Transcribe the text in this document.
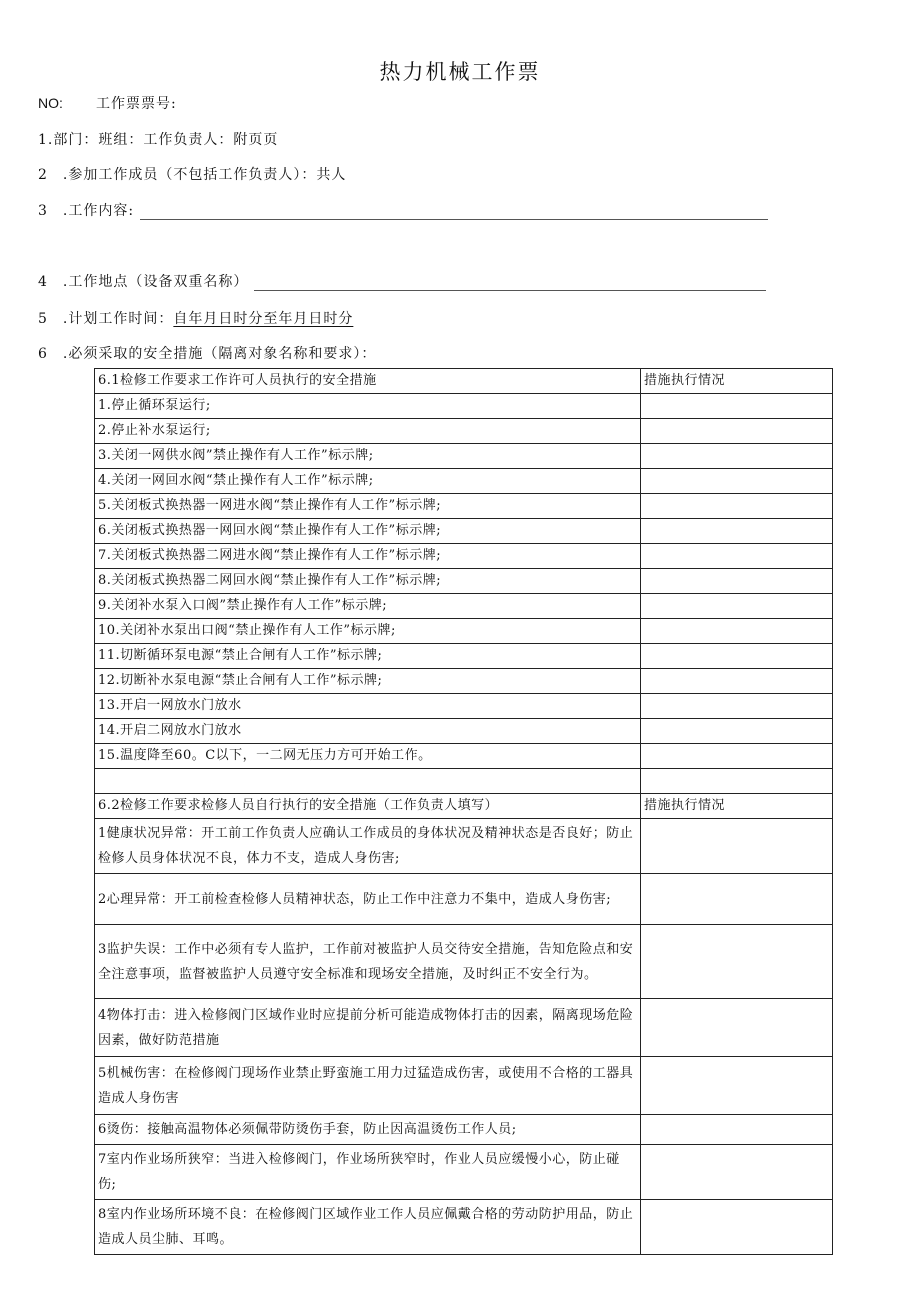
热力机械工作票
NO: 工作票票号:
1.部门：班组：工作负责人：附页页
2　.参加工作成员（不包括工作负责人）：共人
3　.工作内容:
4　.工作地点（设备双重名称）
5　.计划工作时间：自年月日时分至年月日时分
6　.必须采取的安全措施（隔离对象名称和要求）：
6.1检修工作要求工作许可人员执行的安全措施	措施执行情况
1.停止循环泵运行;	
2.停止补水泵运行;	
3.关闭一网供水阀”禁止操作有人工作”标示牌;	
4.关闭一网回水阀“禁止操作有人工作”标示牌;	
5.关闭板式换热器一网进水阀“禁止操作有人工作”标示牌;	
6.关闭板式换热器一网回水阀“禁止操作有人工作”标示牌;	
7.关闭板式换热器二网进水阀“禁止操作有人工作”标示牌;	
8.关闭板式换热器二网回水阀“禁止操作有人工作”标示牌;	
9.关闭补水泵入口阀”禁止操作有人工作”标示牌;	
10.关闭补水泵出口阀“禁止操作有人工作”标示牌;	
11.切断循环泵电源“禁止合闸有人工作”标示牌;	
12.切断补水泵电源“禁止合闸有人工作”标示牌;	
13.开启一网放水门放水	
14.开启二网放水门放水	
15.温度降至60。C以下，一二网无压力方可开始工作。	

6.2检修工作要求检修人员自行执行的安全措施（工作负责人填写）	措施执行情况
1健康状况异常：开工前工作负责人应确认工作成员的身体状况及精神状态是否良好；防止检修人员身体状况不良，体力不支，造成人身伤害;	
2心理异常：开工前检查检修人员精神状态，防止工作中注意力不集中，造成人身伤害;	
3监护失误：工作中必须有专人监护，工作前对被监护人员交待安全措施，告知危险点和安全注意事项，监督被监护人员遵守安全标准和现场安全措施，及时纠正不安全行为。	
4物体打击：进入检修阀门区域作业时应提前分析可能造成物体打击的因素，隔离现场危险因素，做好防范措施	
5机械伤害：在检修阀门现场作业禁止野蛮施工用力过猛造成伤害，或使用不合格的工器具造成人身伤害	
6烫伤：接触高温物体必须佩带防烫伤手套，防止因高温烫伤工作人员;	
7室内作业场所狭窄：当进入检修阀门，作业场所狭窄时，作业人员应缓慢小心，防止碰伤;	
8室内作业场所环境不良：在检修阀门区域作业工作人员应佩戴合格的劳动防护用品，防止造成人员尘肺、耳鸣。	
